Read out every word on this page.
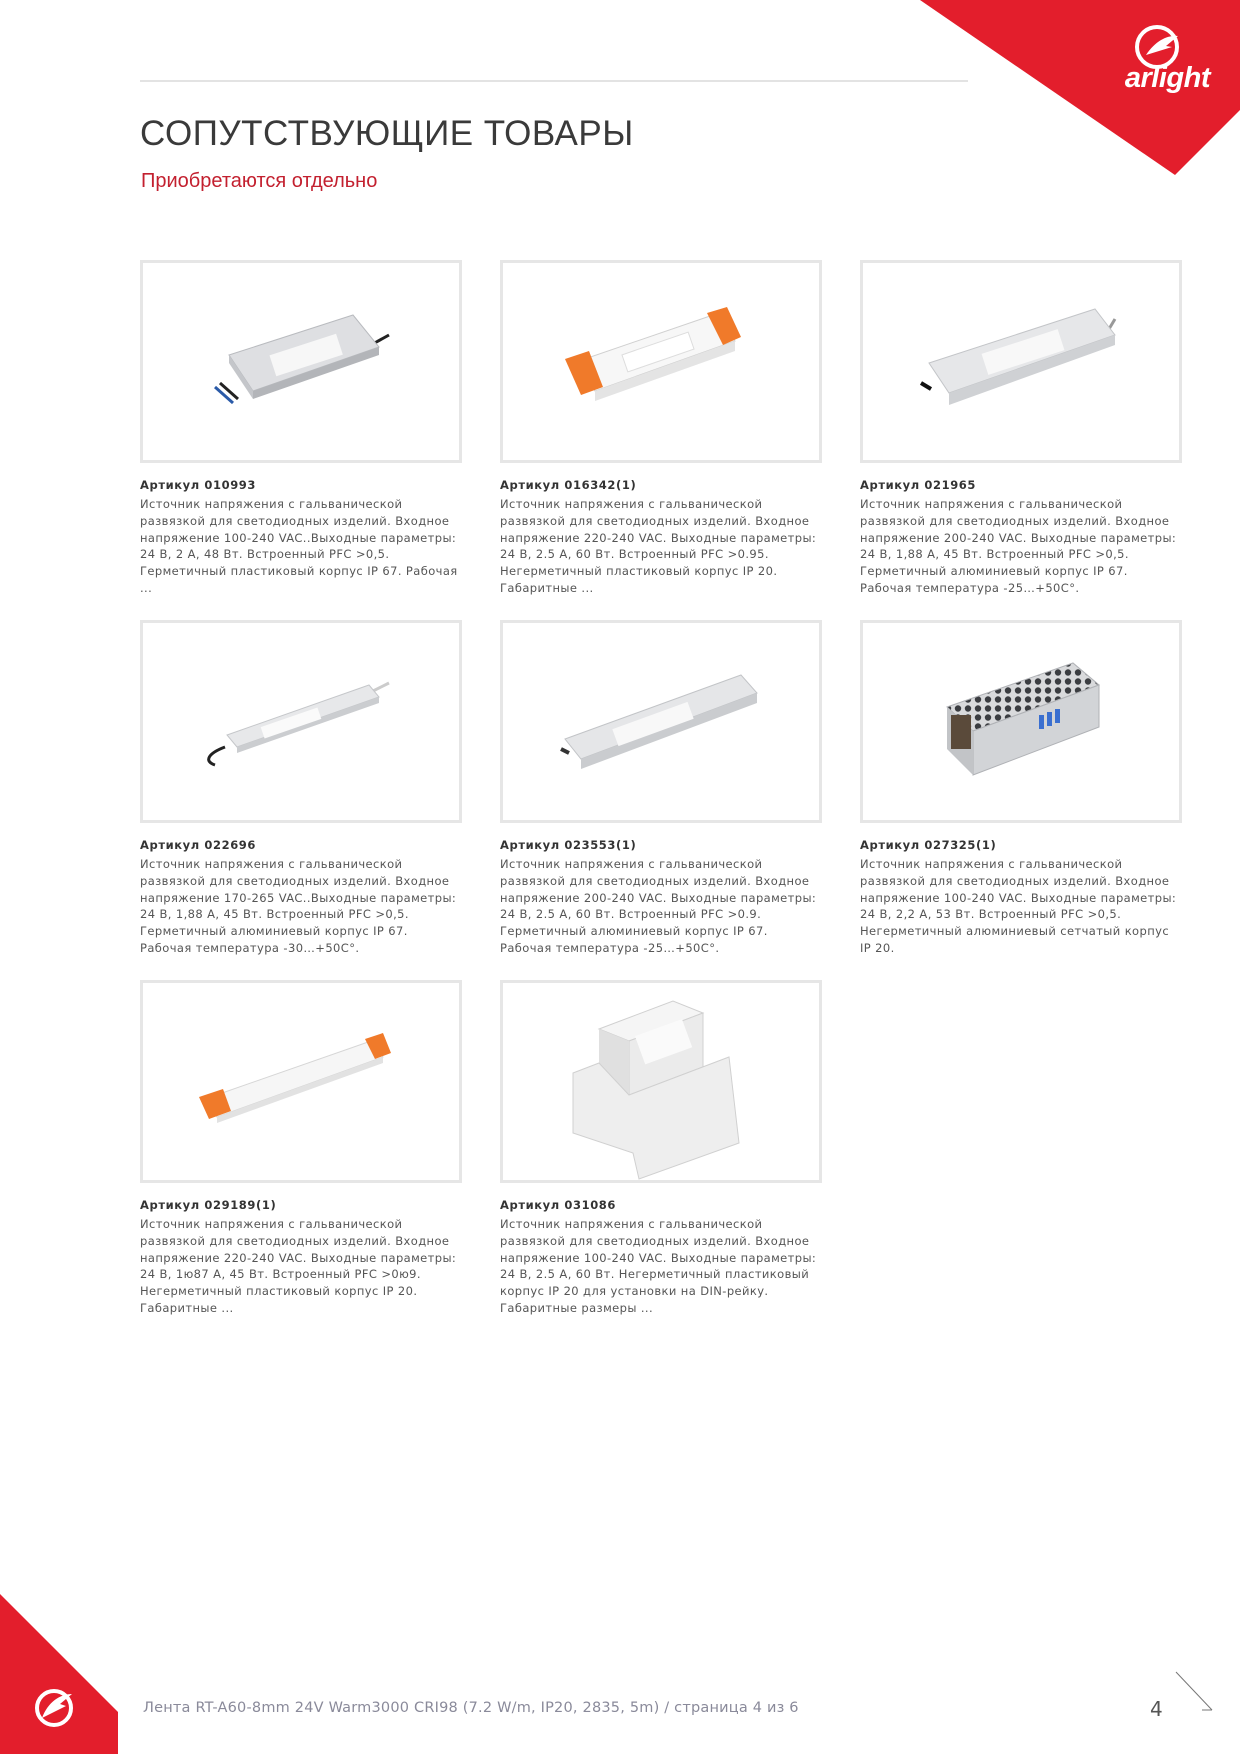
arlight
СОПУТСТВУЮЩИЕ ТОВАРЫ
Приобретаются отдельно
Артикул 010993
Источник напряжения с гальванической развязкой для светодиодных изделий. Входное напряжение 100-240 VAC..Выходные параметры: 24 В, 2 А, 48 Вт. Встроенный PFC >0,5. Герметичный пластиковый корпус IP 67. Рабочая ...
Артикул 016342(1)
Источник напряжения с гальванической развязкой для светодиодных изделий. Входное напряжение 220-240 VAC. Выходные параметры: 24 В, 2.5 А, 60 Вт. Встроенный PFC >0.95. Негерметичный пластиковый корпус IP 20. Габаритные ...
Артикул 021965
Источник напряжения с гальванической развязкой для светодиодных изделий. Входное напряжение 200-240 VAC. Выходные параметры: 24 В, 1,88 А, 45 Вт. Встроенный PFC >0,5. Герметичный алюминиевый корпус IP 67. Рабочая температура -25…+50С°.
Артикул 022696
Источник напряжения с гальванической развязкой для светодиодных изделий. Входное напряжение 170-265 VAC..Выходные параметры: 24 В, 1,88 А, 45 Вт. Встроенный PFC >0,5. Герметичный алюминиевый корпус IP 67. Рабочая температура -30…+50С°.
Артикул 023553(1)
Источник напряжения с гальванической развязкой для светодиодных изделий. Входное напряжение 200-240 VAC. Выходные параметры: 24 В, 2.5 А, 60 Вт. Встроенный PFC >0.9. Герметичный алюминиевый корпус IP 67. Рабочая температура -25…+50С°.
Артикул 027325(1)
Источник напряжения с гальванической развязкой для светодиодных изделий. Входное напряжение 100-240 VAC. Выходные параметры: 24 В, 2,2 А, 53 Вт. Встроенный PFC >0,5. Негерметичный алюминиевый сетчатый корпус IP 20.
Артикул 029189(1)
Источник напряжения с гальванической развязкой для светодиодных изделий. Входное напряжение 220-240 VAC. Выходные параметры: 24 В, 1ю87 А, 45 Вт. Встроенный PFC >0ю9. Негерметичный пластиковый корпус IP 20. Габаритные ...
Артикул 031086
Источник напряжения с гальванической развязкой для светодиодных изделий. Входное напряжение 100-240 VAC. Выходные параметры: 24 В, 2.5 А, 60 Вт. Негерметичный пластиковый корпус IP 20 для установки на DIN-рейку. Габаритные размеры ...
Лента RT-A60-8mm 24V Warm3000 CRI98 (7.2 W/m, IP20, 2835, 5m) / страница 4 из 6	4
